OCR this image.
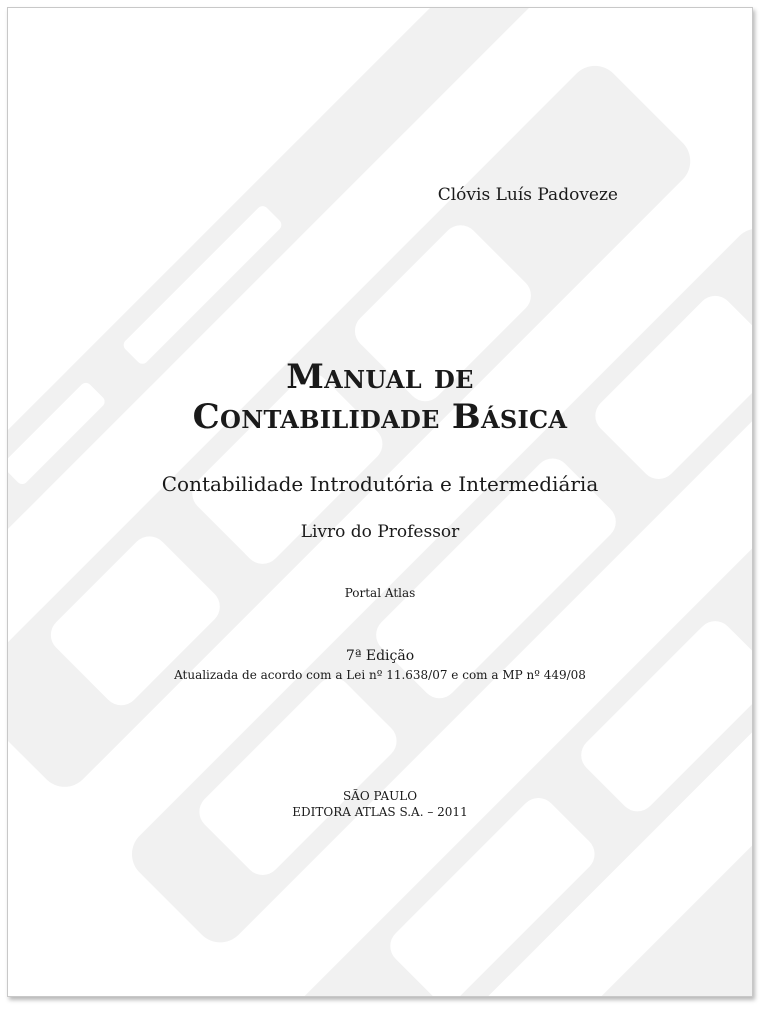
Clóvis Luís Padoveze
Manual de
Contabilidade Básica
Contabilidade Introdutória e Intermediária
Livro do Professor
Portal Atlas
7ª Edição
Atualizada de acordo com a Lei nº 11.638/07 e com a MP nº 449/08
SÃO PAULO
EDITORA ATLAS S.A. – 2011
